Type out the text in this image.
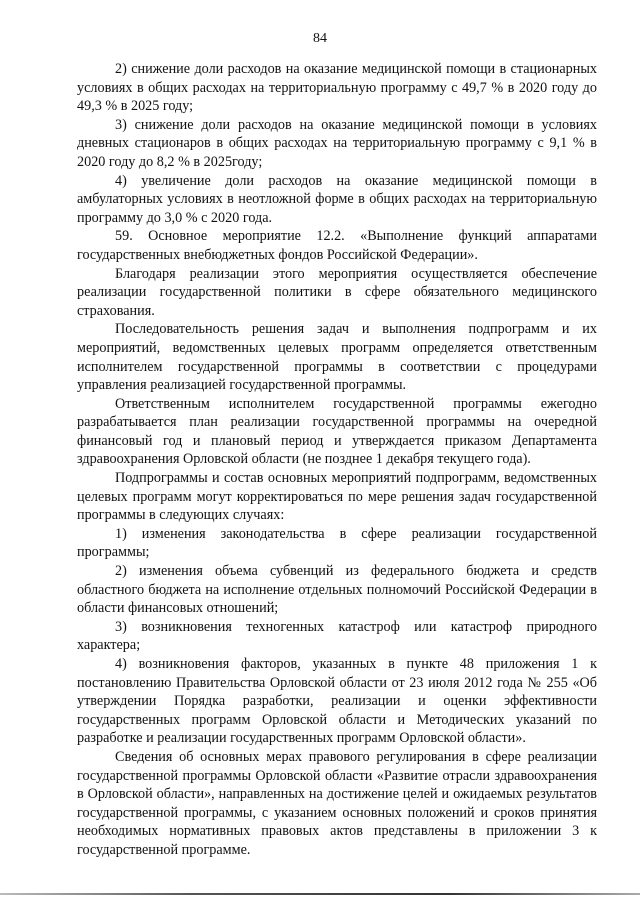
84

2) снижение доли расходов на оказание медицинской помощи в стационарных условиях в общих расходах на территориальную программу с 49,7 % в 2020 году до 49,3 % в 2025 году;

3) снижение доли расходов на оказание медицинской помощи в условиях дневных стационаров в общих расходах на территориальную программу с 9,1 % в 2020 году до 8,2 % в 2025году;

4) увеличение доли расходов на оказание медицинской помощи в амбулаторных условиях в неотложной форме в общих расходах на территориальную программу до 3,0 % с 2020 года.

59. Основное мероприятие 12.2. «Выполнение функций аппаратами государственных внебюджетных фондов Российской Федерации».

Благодаря реализации этого мероприятия осуществляется обеспечение реализации государственной политики в сфере обязательного медицинского страхования.

Последовательность решения задач и выполнения подпрограмм и их мероприятий, ведомственных целевых программ определяется ответственным исполнителем государственной программы в соответствии с процедурами управления реализацией государственной программы.

Ответственным исполнителем государственной программы ежегодно разрабатывается план реализации государственной программы на очередной финансовый год и плановый период и утверждается приказом Департамента здравоохранения Орловской области (не позднее 1 декабря текущего года).

Подпрограммы и состав основных мероприятий подпрограмм, ведомственных целевых программ могут корректироваться по мере решения задач государственной программы в следующих случаях:

1) изменения законодательства в сфере реализации государственной программы;

2) изменения объема субвенций из федерального бюджета и средств областного бюджета на исполнение отдельных полномочий Российской Федерации в области финансовых отношений;

3) возникновения техногенных катастроф или катастроф природного характера;

4) возникновения факторов, указанных в пункте 48 приложения 1 к постановлению Правительства Орловской области от 23 июля 2012 года № 255 «Об утверждении Порядка разработки, реализации и оценки эффективности государственных программ Орловской области и Методических указаний по разработке и реализации государственных программ Орловской области».

Сведения об основных мерах правового регулирования в сфере реализации государственной программы Орловской области «Развитие отрасли здравоохранения в Орловской области», направленных на достижение целей и ожидаемых результатов государственной программы, с указанием основных положений и сроков принятия необходимых нормативных правовых актов представлены в приложении 3 к государственной программе.
